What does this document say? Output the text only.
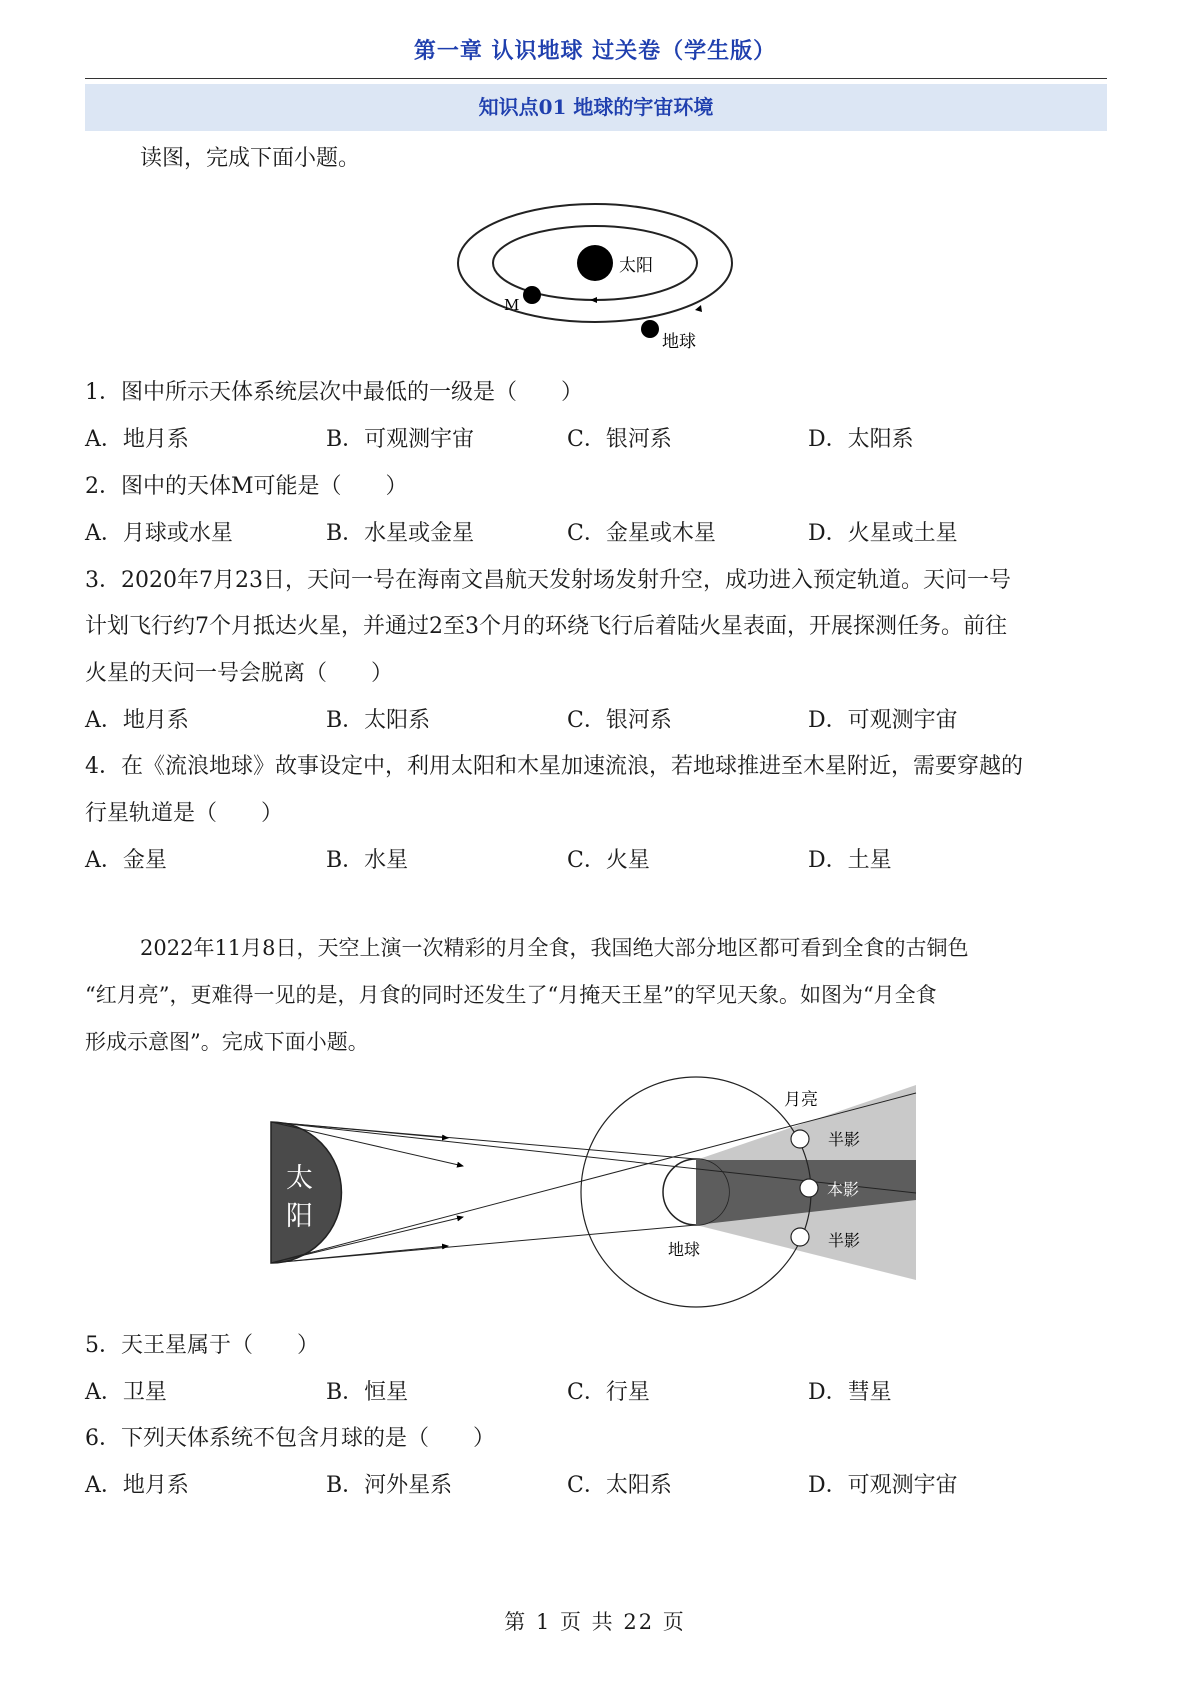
第一章 认识地球 过关卷（学生版）
知识点01 地球的宇宙环境
读图，完成下面小题。
太阳
M
地球
1．图中所示天体系统层次中最低的一级是（　　）
A．地月系	B．可观测宇宙	C．银河系	D．太阳系
2．图中的天体M可能是（　　）
A．月球或水星	B．水星或金星	C．金星或木星	D．火星或土星
3．2020年7月23日，天问一号在海南文昌航天发射场发射升空，成功进入预定轨道。天问一号
计划飞行约7个月抵达火星，并通过2至3个月的环绕飞行后着陆火星表面，开展探测任务。前往
火星的天问一号会脱离（　　）
A．地月系	B．太阳系	C．银河系	D．可观测宇宙
4．在《流浪地球》故事设定中，利用太阳和木星加速流浪，若地球推进至木星附近，需要穿越的
行星轨道是（　　）
A．金星	B．水星	C．火星	D．土星

2022年11月8日，天空上演一次精彩的月全食，我国绝大部分地区都可看到全食的古铜色

“红月亮”，更难得一见的是，月食的同时还发生了“月掩天王星”的罕见天象。如图为“月全食

形成示意图”。完成下面小题。

太
阳
月亮
半影
本影
半影
地球
5．天王星属于（　　）
A．卫星	B．恒星	C．行星	D．彗星
6．下列天体系统不包含月球的是（　　）
A．地月系	B．河外星系	C．太阳系	D．可观测宇宙
第 1 页 共 22 页
